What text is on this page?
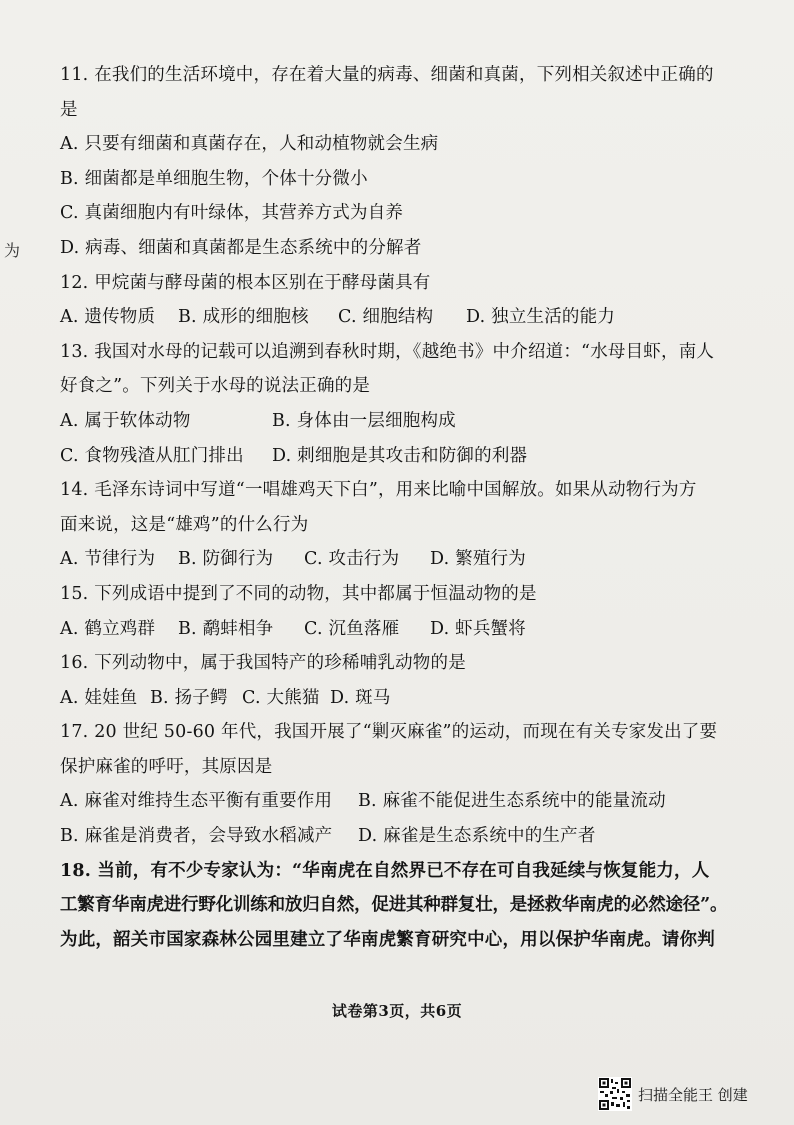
为
11. 在我们的生活环境中，存在着大量的病毒、细菌和真菌，下列相关叙述中正确的
是
A. 只要有细菌和真菌存在，人和动植物就会生病
B. 细菌都是单细胞生物，个体十分微小
C. 真菌细胞内有叶绿体，其营养方式为自养
D. 病毒、细菌和真菌都是生态系统中的分解者
12. 甲烷菌与酵母菌的根本区别在于酵母菌具有
A. 遗传物质	B. 成形的细胞核	C. 细胞结构	D. 独立生活的能力
13. 我国对水母的记载可以追溯到春秋时期，《越绝书》中介绍道：“水母目虾，南人
好食之”。下列关于水母的说法正确的是
A. 属于软体动物	B. 身体由一层细胞构成
C. 食物残渣从肛门排出	D. 刺细胞是其攻击和防御的利器
14. 毛泽东诗词中写道“一唱雄鸡天下白”，用来比喻中国解放。如果从动物行为方
面来说，这是“雄鸡”的什么行为
A. 节律行为	B. 防御行为	C. 攻击行为	D. 繁殖行为
15. 下列成语中提到了不同的动物，其中都属于恒温动物的是
A. 鹤立鸡群	B. 鹬蚌相争	C. 沉鱼落雁	D. 虾兵蟹将
16. 下列动物中，属于我国特产的珍稀哺乳动物的是
A. 娃娃鱼 B. 扬子鳄 C. 大熊猫 D. 斑马
17. 20 世纪 50-60 年代，我国开展了“剿灭麻雀”的运动，而现在有关专家发出了要
保护麻雀的呼吁，其原因是
A. 麻雀对维持生态平衡有重要作用	B. 麻雀不能促进生态系统中的能量流动
B. 麻雀是消费者，会导致水稻减产	D. 麻雀是生态系统中的生产者
18. 当前，有不少专家认为：“华南虎在自然界已不存在可自我延续与恢复能力，人
工繁育华南虎进行野化训练和放归自然，促进其种群复壮，是拯救华南虎的必然途径”。
为此，韶关市国家森林公园里建立了华南虎繁育研究中心，用以保护华南虎。请你判
试卷第3页，共6页
扫描全能王 创建
